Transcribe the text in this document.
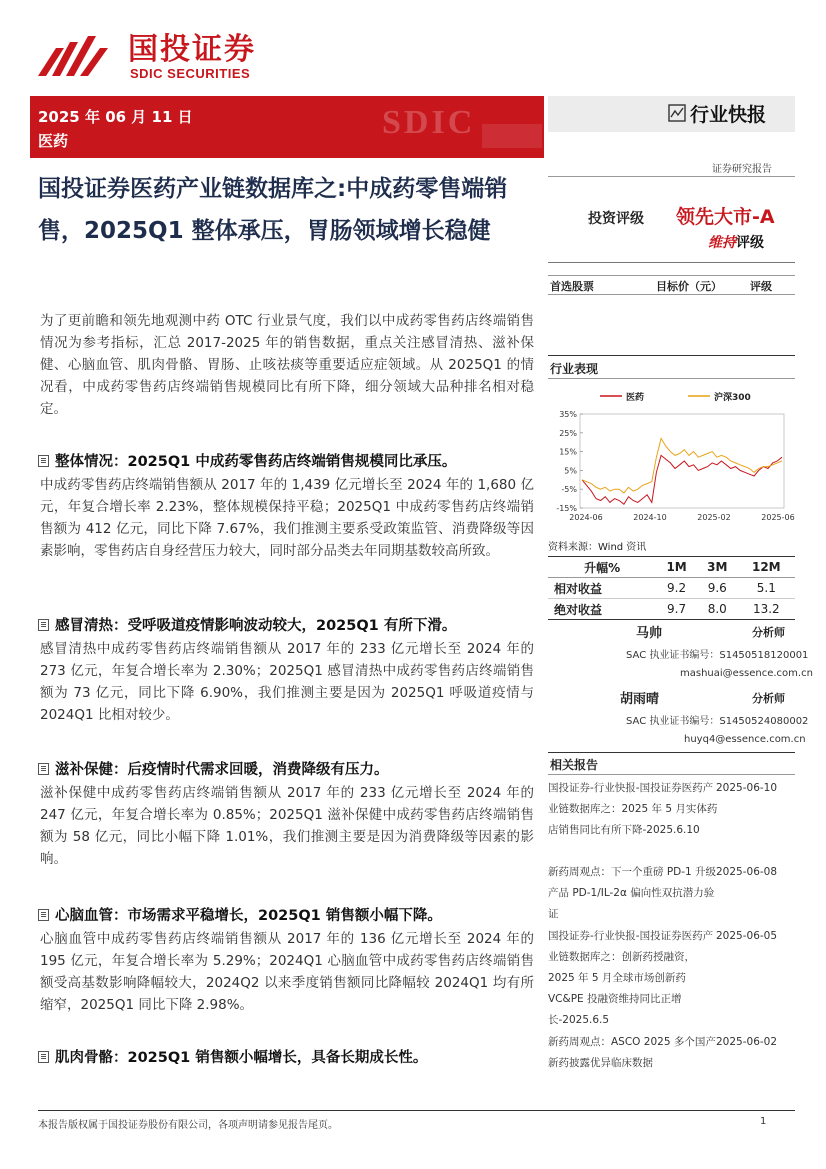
国投证券
SDIC SECURITIES
2025 年 06 月 11 日
医药	SDIC	行业快报
证券研究报告
国投证券医药产业链数据库之:中成药零售端销售，2025Q1 整体承压，胃肠领域增长稳健	投资评级 领先大市-A
维持评级
为了更前瞻和领先地观测中药 OTC 行业景气度，我们以中成药零售药店终端销售情况为参考指标，汇总 2017-2025 年的销售数据，重点关注感冒清热、滋补保健、心脑血管、肌肉骨骼、胃肠、止咳祛痰等重要适应症领域。从 2025Q1 的情况看，中成药零售药店终端销售规模同比有所下降，细分领域大品种排名相对稳定。
整体情况：2025Q1 中成药零售药店终端销售规模同比承压。
中成药零售药店终端销售额从 2017 年的 1,439 亿元增长至 2024 年的 1,680 亿元，年复合增长率 2.23%，整体规模保持平稳；2025Q1 中成药零售药店终端销售额为 412 亿元，同比下降 7.67%，我们推测主要系受政策监管、消费降级等因素影响，零售药店自身经营压力较大，同时部分品类去年同期基数较高所致。
感冒清热：受呼吸道疫情影响波动较大，2025Q1 有所下滑。
感冒清热中成药零售药店终端销售额从 2017 年的 233 亿元增长至 2024 年的 273 亿元，年复合增长率为 2.30%；2025Q1 感冒清热中成药零售药店终端销售额为 73 亿元，同比下降 6.90%，我们推测主要是因为 2025Q1 呼吸道疫情与 2024Q1 比相对较少。
滋补保健：后疫情时代需求回暖，消费降级有压力。
滋补保健中成药零售药店终端销售额从 2017 年的 233 亿元增长至 2024 年的 247 亿元，年复合增长率为 0.85%；2025Q1 滋补保健中成药零售药店终端销售额为 58 亿元，同比小幅下降 1.01%，我们推测主要是因为消费降级等因素的影响。
心脑血管：市场需求平稳增长，2025Q1 销售额小幅下降。
心脑血管中成药零售药店终端销售额从 2017 年的 136 亿元增长至 2024 年的 195 亿元，年复合增长率为 5.29%；2024Q1 心脑血管中成药零售药店终端销售额受高基数影响降幅较大，2024Q2 以来季度销售额同比降幅较 2024Q1 均有所缩窄，2025Q1 同比下降 2.98%。
肌肉骨骼：2025Q1 销售额小幅增长，具备长期成长性。
首选股票	目标价（元）	评级
行业表现
35%
25%
15%
5%
-5%
-15%
2024-06	2024-10	2025-02	2025-06
医药	沪深300
资料来源：Wind 资讯
升幅%	1M	3M	12M
相对收益	9.2	9.6	5.1
绝对收益	9.7	8.0	13.2
马帅	分析师
SAC 执业证书编号：S1450518120001
mashuai@essence.com.cn
胡雨晴	分析师
SAC 执业证书编号：S1450524080002
huyq4@essence.com.cn
相关报告
国投证券-行业快报-国投证券医药产业链数据库之：2025 年 5 月实体药店销售同比有所下降-2025.6.10
2025-06-10
新药周观点：下一个重磅 PD-1 升级产品 PD-1/IL-2α 偏向性双抗潜力验证
2025-06-08
国投证券-行业快报-国投证券医药产业链数据库之：创新药授融资，2025 年 5 月全球市场创新药 VC&PE 投融资维持同比正增长-2025.6.5
2025-06-05
新药周观点：ASCO 2025 多个国产新药披露优异临床数据
2025-06-02
本报告版权属于国投证券股份有限公司，各项声明请参见报告尾页。	1
